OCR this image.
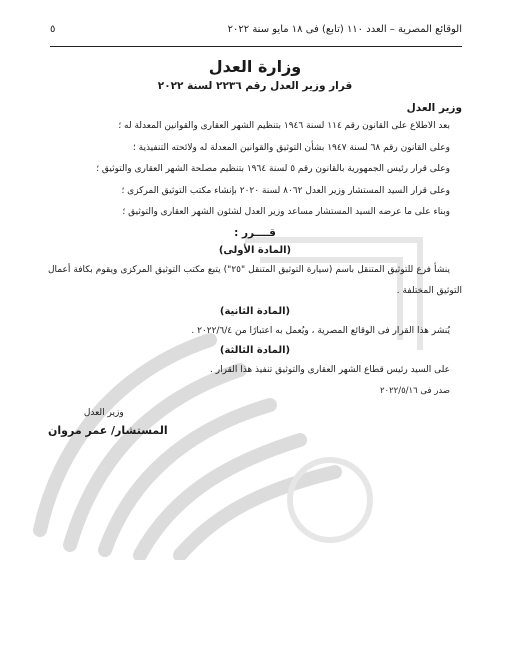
الوقائع المصرية – العدد ١١٠ (تابع) فى ١٨ مايو سنة ٢٠٢٢
٥
وزارة العدل
قرار وزير العدل رقم ٢٢٣٦ لسنة ٢٠٢٢
وزير العدل
بعد الاطلاع على القانون رقم ١١٤ لسنة ١٩٤٦ بتنظيم الشهر العقارى والقوانين المعدلة له ؛
وعلى القانون رقم ٦٨ لسنة ١٩٤٧ بشأن التوثيق والقوانين المعدلة له ولائحته التنفيذية ؛
وعلى قرار رئيس الجمهورية بالقانون رقم ٥ لسنة ١٩٦٤ بتنظيم مصلحة الشهر العقارى والتوثيق ؛
وعلى قرار السيد المستشار وزير العدل ٨٠٦٢ لسنة ٢٠٢٠ بإنشاء مكتب التوثيق المركزى ؛
وبناء على ما عرضه السيد المستشار مساعد وزير العدل لشئون الشهر العقارى والتوثيق ؛
قــــرر :
(المادة الأولى)
ينشأ فرع للتوثيق المتنقل باسم (سيارة التوثيق المتنقل "٢٥") يتبع مكتب التوثيق المركزى ويقوم بكافة أعمال التوثيق المختلفة .
(المادة الثانية)
يُنشر هذا القرار فى الوقائع المصرية ، ويُعمل به اعتبارًا من ٢٠٢٢/٦/٤ .
(المادة الثالثة)
على السيد رئيس قطاع الشهر العقارى والتوثيق تنفيذ هذا القرار .
صدر فى ٢٠٢٢/٥/١٦
وزير العدل
المستشار/ عمر مروان
